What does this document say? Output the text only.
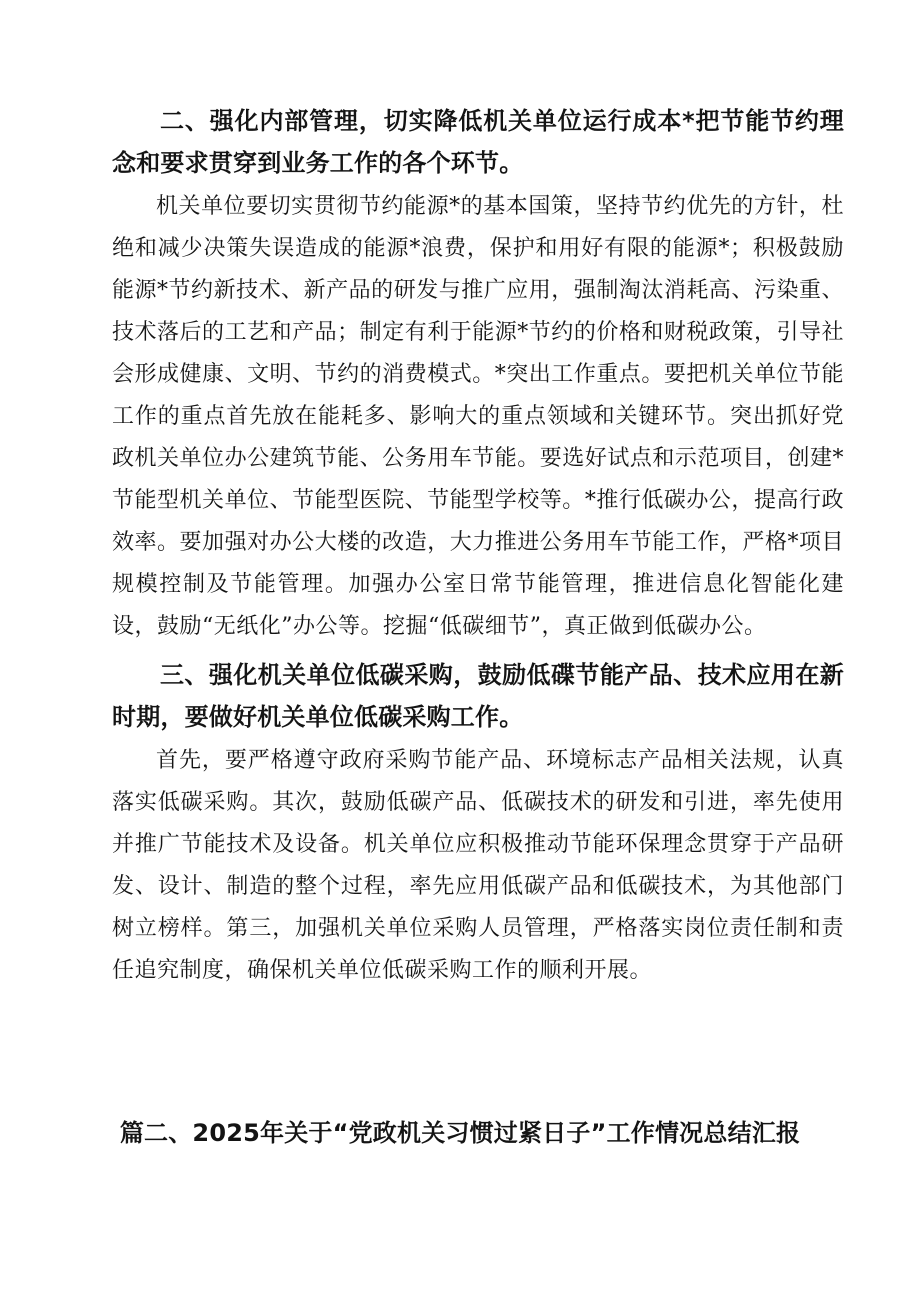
二、强化内部管理，切实降低机关单位运行成本*把节能节约理念和要求贯穿到业务工作的各个环节。

机关单位要切实贯彻节约能源*的基本国策，坚持节约优先的方针，杜绝和减少决策失误造成的能源*浪费，保护和用好有限的能源*；积极鼓励能源*节约新技术、新产品的研发与推广应用，强制淘汰消耗高、污染重、技术落后的工艺和产品；制定有利于能源*节约的价格和财税政策，引导社会形成健康、文明、节约的消费模式。*突出工作重点。要把机关单位节能工作的重点首先放在能耗多、影响大的重点领域和关键环节。突出抓好党政机关单位办公建筑节能、公务用车节能。要选好试点和示范项目，创建*节能型机关单位、节能型医院、节能型学校等。*推行低碳办公，提高行政效率。要加强对办公大楼的改造，大力推进公务用车节能工作，严格*项目规模控制及节能管理。加强办公室日常节能管理，推进信息化智能化建设，鼓励“无纸化”办公等。挖掘“低碳细节”，真正做到低碳办公。

三、强化机关单位低碳采购，鼓励低碟节能产品、技术应用在新时期，要做好机关单位低碳采购工作。

首先，要严格遵守政府采购节能产品、环境标志产品相关法规，认真落实低碳采购。其次，鼓励低碳产品、低碳技术的研发和引进，率先使用并推广节能技术及设备。机关单位应积极推动节能环保理念贯穿于产品研发、设计、制造的整个过程，率先应用低碳产品和低碳技术，为其他部门树立榜样。第三，加强机关单位采购人员管理，严格落实岗位责任制和责任追究制度，确保机关单位低碳采购工作的顺利开展。

篇二、2025年关于“党政机关习惯过紧日子”工作情况总结汇报
